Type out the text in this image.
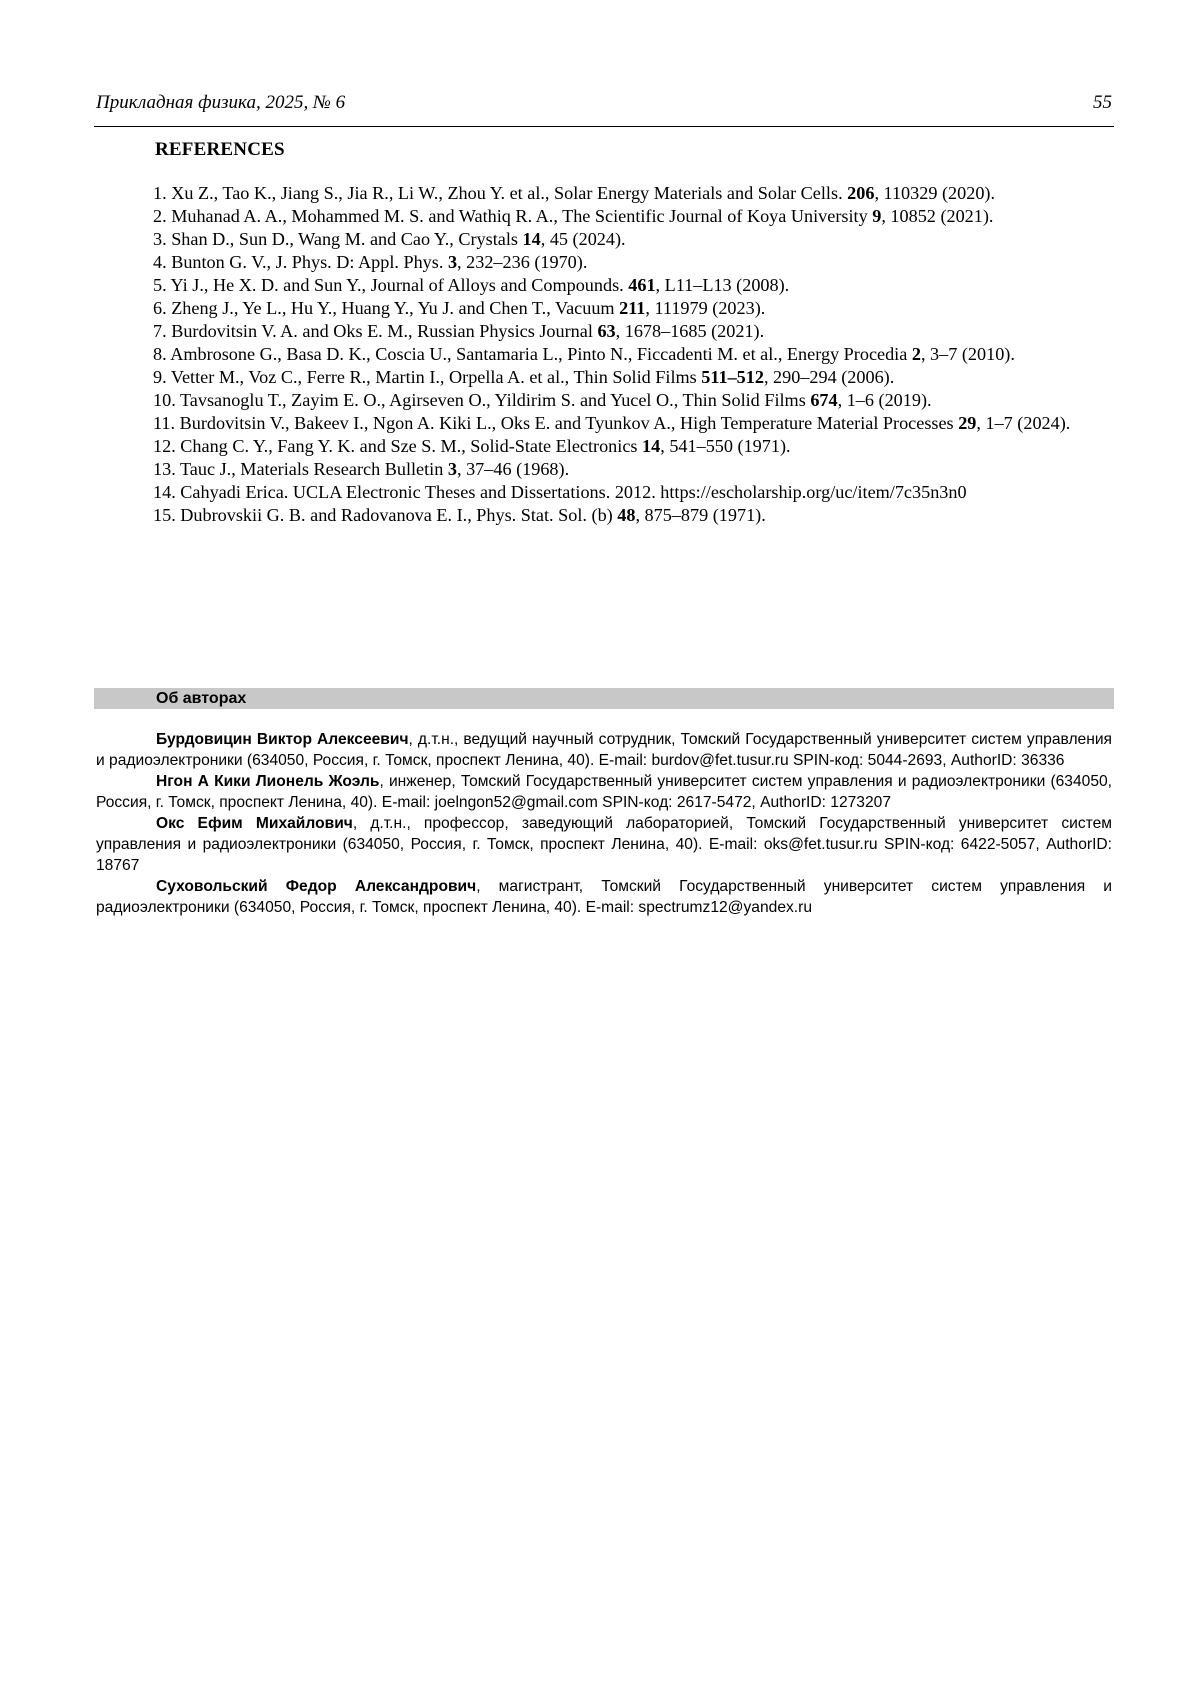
Прикладная физика, 2025, № 6	55
REFERENCES
1. Xu Z., Tao K., Jiang S., Jia R., Li W., Zhou Y. et al., Solar Energy Materials and Solar Cells. 206, 110329 (2020).
2. Muhanad A. A., Mohammed M. S. and Wathiq R. A., The Scientific Journal of Koya University 9, 10852 (2021).
3. Shan D., Sun D., Wang M. and Cao Y., Crystals 14, 45 (2024).
4. Bunton G. V., J. Phys. D: Appl. Phys. 3, 232–236 (1970).
5. Yi J., He X. D. and Sun Y., Journal of Alloys and Compounds. 461, L11–L13 (2008).
6. Zheng J., Ye L., Hu Y., Huang Y., Yu J. and Chen T., Vacuum 211, 111979 (2023).
7. Burdovitsin V. A. and Oks E. M., Russian Physics Journal 63, 1678–1685 (2021).
8. Ambrosone G., Basa D. K., Coscia U., Santamaria L., Pinto N., Ficcadenti M. et al., Energy Procedia 2, 3–7 (2010).
9. Vetter M., Voz C., Ferre R., Martin I., Orpella A. et al., Thin Solid Films 511–512, 290–294 (2006).
10. Tavsanoglu T., Zayim E. O., Agirseven O., Yildirim S. and Yucel O., Thin Solid Films 674, 1–6 (2019).
11. Burdovitsin V., Bakeev I., Ngon A. Kiki L., Oks E. and Tyunkov A., High Temperature Material Processes 29, 1–7 (2024).
12. Chang C. Y., Fang Y. K. and Sze S. M., Solid-State Electronics 14, 541–550 (1971).
13. Tauc J., Materials Research Bulletin 3, 37–46 (1968).
14. Cahyadi Erica. UCLA Electronic Theses and Dissertations. 2012. https://escholarship.org/uc/item/7c35n3n0
15. Dubrovskii G. B. and Radovanova E. I., Phys. Stat. Sol. (b) 48, 875–879 (1971).
Об авторах

Бурдовицин Виктор Алексеевич, д.т.н., ведущий научный сотрудник, Томский Государственный университет систем управления и радиоэлектроники (634050, Россия, г. Томск, проспект Ленина, 40). E-mail: burdov@fet.tusur.ru SPIN-код: 5044-2693, AuthorID: 36336

Нгон А Кики Лионель Жоэль, инженер, Томский Государственный университет систем управления и радиоэлектроники (634050, Россия, г. Томск, проспект Ленина, 40). E-mail: joelngon52@gmail.com SPIN-код: 2617-5472, AuthorID: 1273207

Окс Ефим Михайлович, д.т.н., профессор, заведующий лабораторией, Томский Государственный университет систем управления и радиоэлектроники (634050, Россия, г. Томск, проспект Ленина, 40). E-mail: oks@fet.tusur.ru SPIN-код: 6422-5057, AuthorID: 18767

Суховольский Федор Александрович, магистрант, Томский Государственный университет систем управления и радиоэлектроники (634050, Россия, г. Томск, проспект Ленина, 40). E-mail: spectrumz12@yandex.ru
